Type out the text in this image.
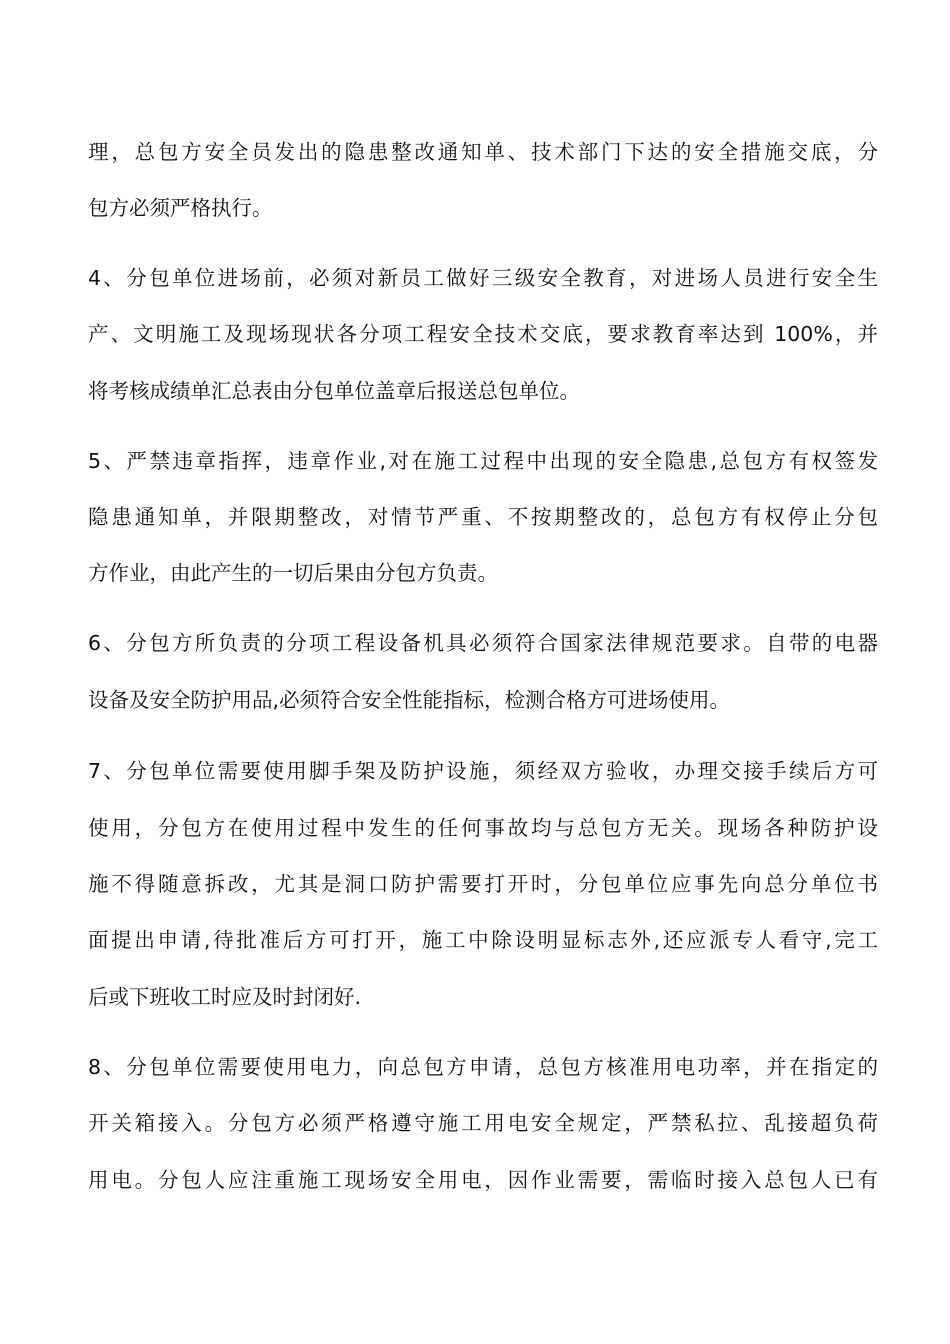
理，总包方安全员发出的隐患整改通知单、技术部门下达的安全措施交底，分
包方必须严格执行。
4、分包单位进场前，必须对新员工做好三级安全教育，对进场人员进行安全生
产、文明施工及现场现状各分项工程安全技术交底，要求教育率达到 100%，并
将考核成绩单汇总表由分包单位盖章后报送总包单位。
5、严禁违章指挥，违章作业,对在施工过程中出现的安全隐患,总包方有权签发
隐患通知单，并限期整改，对情节严重、不按期整改的，总包方有权停止分包
方作业，由此产生的一切后果由分包方负责。
6、分包方所负责的分项工程设备机具必须符合国家法律规范要求。自带的电器
设备及安全防护用品,必须符合安全性能指标，检测合格方可进场使用。
7、分包单位需要使用脚手架及防护设施，须经双方验收，办理交接手续后方可
使用，分包方在使用过程中发生的任何事故均与总包方无关。现场各种防护设
施不得随意拆改，尤其是洞口防护需要打开时，分包单位应事先向总分单位书
面提出申请,待批准后方可打开，施工中除设明显标志外,还应派专人看守,完工
后或下班收工时应及时封闭好.
8、分包单位需要使用电力，向总包方申请，总包方核准用电功率，并在指定的
开关箱接入。分包方必须严格遵守施工用电安全规定，严禁私拉、乱接超负荷
用电。分包人应注重施工现场安全用电，因作业需要，需临时接入总包人已有
